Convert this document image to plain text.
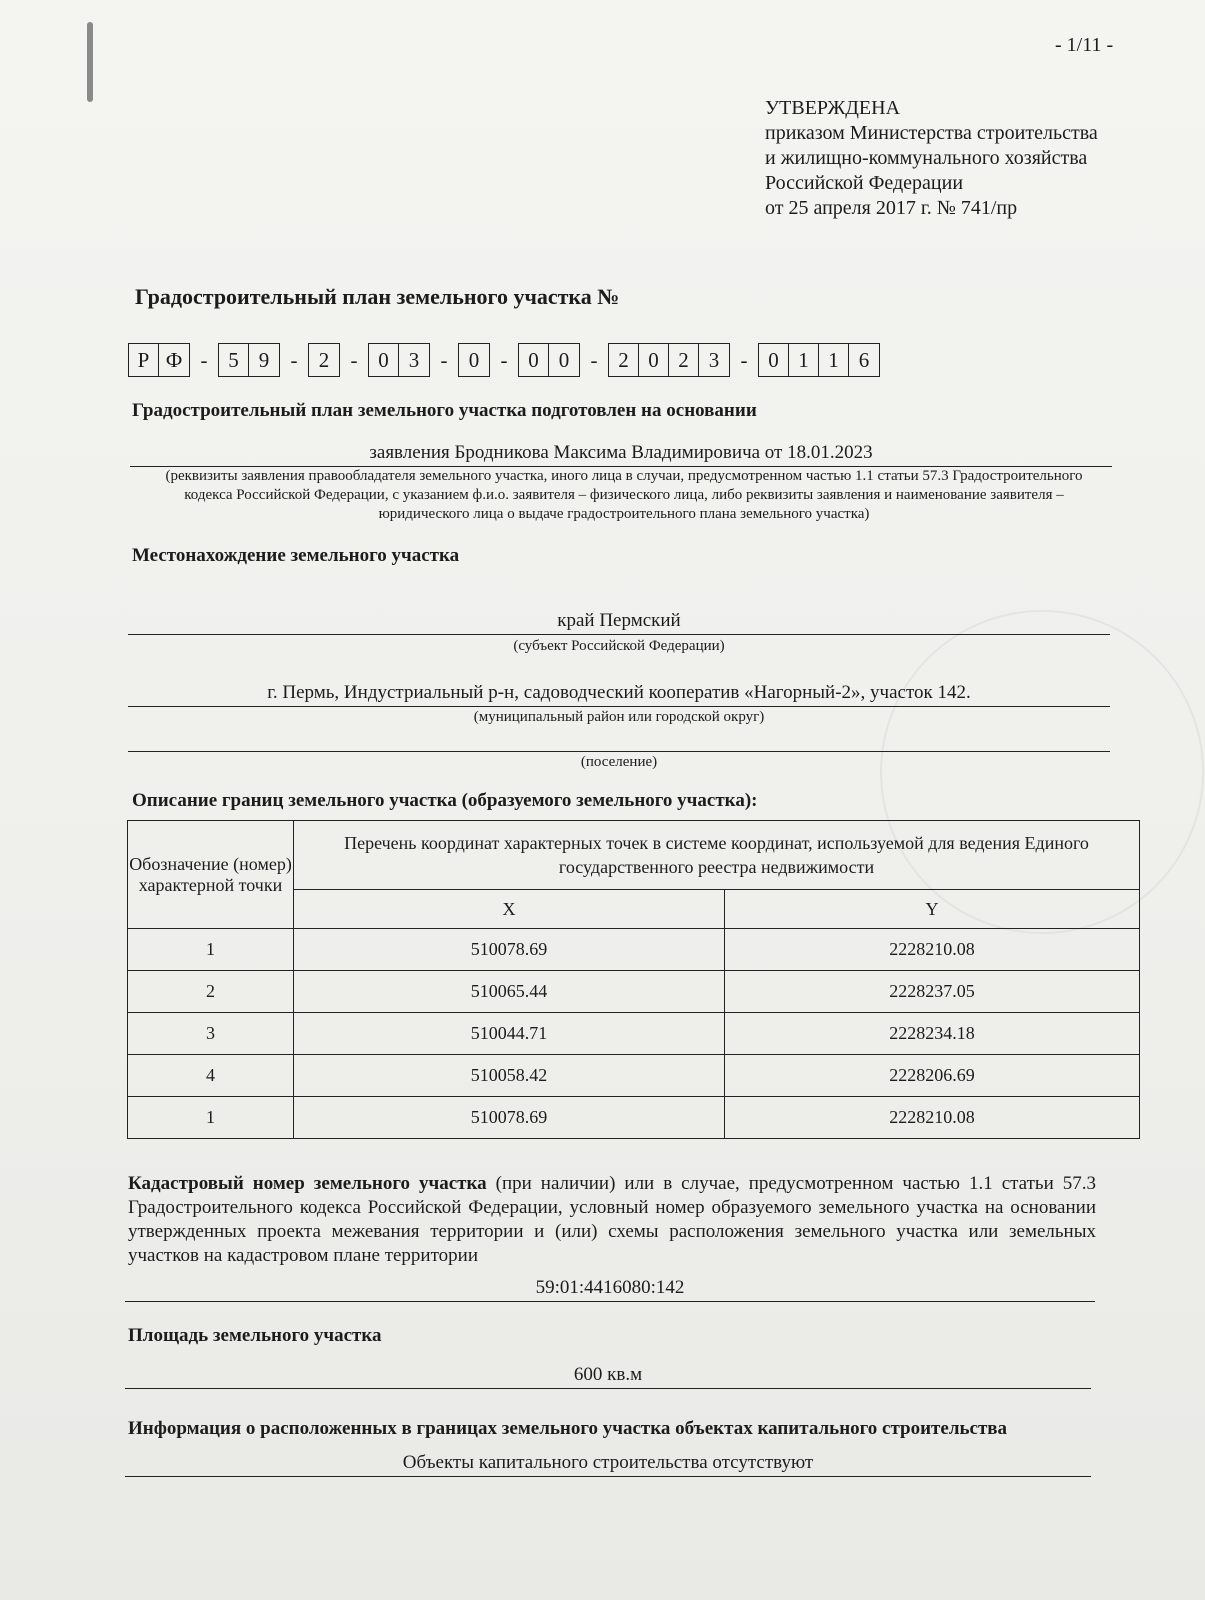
- 1/11 -
УТВЕРЖДЕНА
приказом Министерства строительства
и жилищно-коммунального хозяйства
Российской Федерации
от 25 апреля 2017 г. № 741/пр
Градостроительный план земельного участка №
Р Ф - 5 9	-	2	- 0 3	-	0	- 0 0	- 2 0 2 3	- 0 1 1 6
Градостроительный план земельного участка подготовлен на основании
заявления Бродникова Максима Владимировича от 18.01.2023
(реквизиты заявления правообладателя земельного участка, иного лица в случаи, предусмотренном частью 1.1 статьи 57.3 Градостроительного кодекса Российской Федерации, с указанием ф.и.о. заявителя – физического лица, либо реквизиты заявления и наименование заявителя – юридического лица о выдаче градостроительного плана земельного участка)
Местонахождение земельного участка
край Пермский
(субъект Российской Федерации)
г. Пермь, Индустриальный р-н, садоводческий кооператив «Нагорный-2», участок 142.
(муниципальный район или городской округ)
(поселение)
Описание границ земельного участка (образуемого земельного участка):
Обозначение (номер) характерной точки	Перечень координат характерных точек в системе координат, используемой для ведения Единого государственного реестра недвижимости	
	X	Y
1	510078.69	2228210.08
2	510065.44	2228237.05
3	510044.71	2228234.18
4	510058.42	2228206.69
1	510078.69	2228210.08
Кадастровый номер земельного участка (при наличии) или в случае, предусмотренном частью 1.1 статьи 57.3 Градостроительного кодекса Российской Федерации, условный номер образуемого земельного участка на основании утвержденных проекта межевания территории и (или) схемы расположения земельного участка или земельных участков на кадастровом плане территории
59:01:4416080:142
Площадь земельного участка
600 кв.м
Информация о расположенных в границах земельного участка объектах капитального строительства
Объекты капитального строительства отсутствуют
